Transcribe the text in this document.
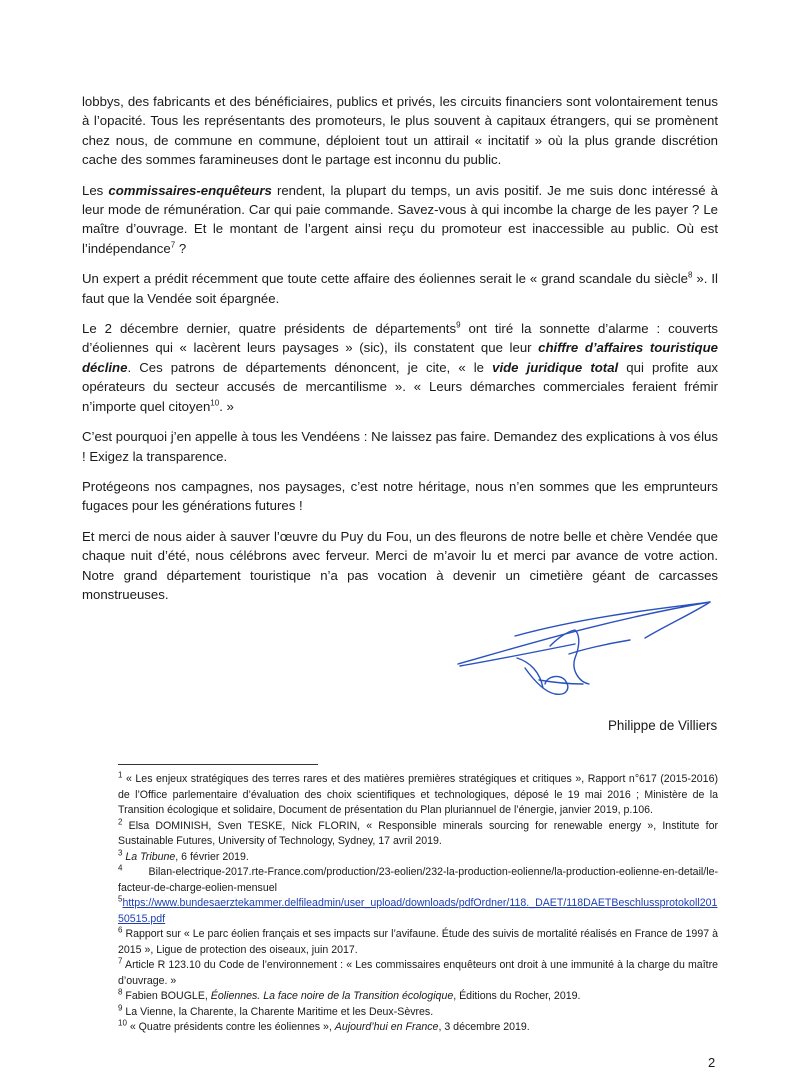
lobbys, des fabricants et des bénéficiaires, publics et privés, les circuits financiers sont volontairement tenus à l’opacité. Tous les représentants des promoteurs, le plus souvent à capitaux étrangers, qui se promènent chez nous, de commune en commune, déploient tout un attirail « incitatif » où la plus grande discrétion cache des sommes faramineuses dont le partage est inconnu du public.

Les commissaires-enquêteurs rendent, la plupart du temps, un avis positif. Je me suis donc intéressé à leur mode de rémunération. Car qui paie commande. Savez-vous à qui incombe la charge de les payer ? Le maître d’ouvrage. Et le montant de l’argent ainsi reçu du promoteur est inaccessible au public. Où est l’indépendance$^7$ ?

Un expert a prédit récemment que toute cette affaire des éoliennes serait le « grand scandale du siècle$^8$ ». Il faut que la Vendée soit épargnée.

Le 2 décembre dernier, quatre présidents de départements$^9$ ont tiré la sonnette d’alarme : couverts d’éoliennes qui « lacèrent leurs paysages » (sic), ils constatent que leur chiffre d’affaires touristique décline. Ces patrons de départements dénoncent, je cite, « le vide juridique total qui profite aux opérateurs du secteur accusés de mercantilisme ». « Leurs démarches commerciales feraient frémir n’importe quel citoyen$^{10}$. »

C’est pourquoi j’en appelle à tous les Vendéens : Ne laissez pas faire. Demandez des explications à vos élus ! Exigez la transparence.

Protégeons nos campagnes, nos paysages, c’est notre héritage, nous n’en sommes que les emprunteurs fugaces pour les générations futures !

Et merci de nous aider à sauver l’œuvre du Puy du Fou, un des fleurons de notre belle et chère Vendée que chaque nuit d’été, nous célébrons avec ferveur. Merci de m’avoir lu et merci par avance de votre action. Notre grand département touristique n’a pas vocation à devenir un cimetière géant de carcasses monstrueuses.

Philippe de Villiers

$^1$ « Les enjeux stratégiques des terres rares et des matières premières stratégiques et critiques », Rapport n°617 (2015-2016) de l’Office parlementaire d’évaluation des choix scientifiques et technologiques, déposé le 19 mai 2016 ; Ministère de la Transition écologique et solidaire, Document de présentation du Plan pluriannuel de l’énergie, janvier 2019, p.106.

$^2$ Elsa DOMINISH, Sven TESKE, Nick FLORIN, « Responsible minerals sourcing for renewable energy », Institute for Sustainable Futures, University of Technology, Sydney, 17 avril 2019.

$^3$ La Tribune, 6 février 2019.

$^4$ Bilan-electrique-2017.rte-France.com/production/23-eolien/232-la-production-eolienne/la-production-eolienne-en-detail/le-facteur-de-charge-eolien-mensuel

$^5$https://www.bundesaerztekammer.delfileadmin/user_upload/downloads/pdfOrdner/118._DAET/118DAETBeschlussprotokoll20150515.pdf

$^6$ Rapport sur « Le parc éolien français et ses impacts sur l’avifaune. Étude des suivis de mortalité réalisés en France de 1997 à 2015 », Ligue de protection des oiseaux, juin 2017.

$^7$ Article R 123.10 du Code de l’environnement : « Les commissaires enquêteurs ont droit à une immunité à la charge du maître d’ouvrage. »

$^8$ Fabien BOUGLE, Éoliennes. La face noire de la Transition écologique, Éditions du Rocher, 2019.

$^9$ La Vienne, la Charente, la Charente Maritime et les Deux-Sèvres.

$^{10}$ « Quatre présidents contre les éoliennes », Aujourd’hui en France, 3 décembre 2019.

2
